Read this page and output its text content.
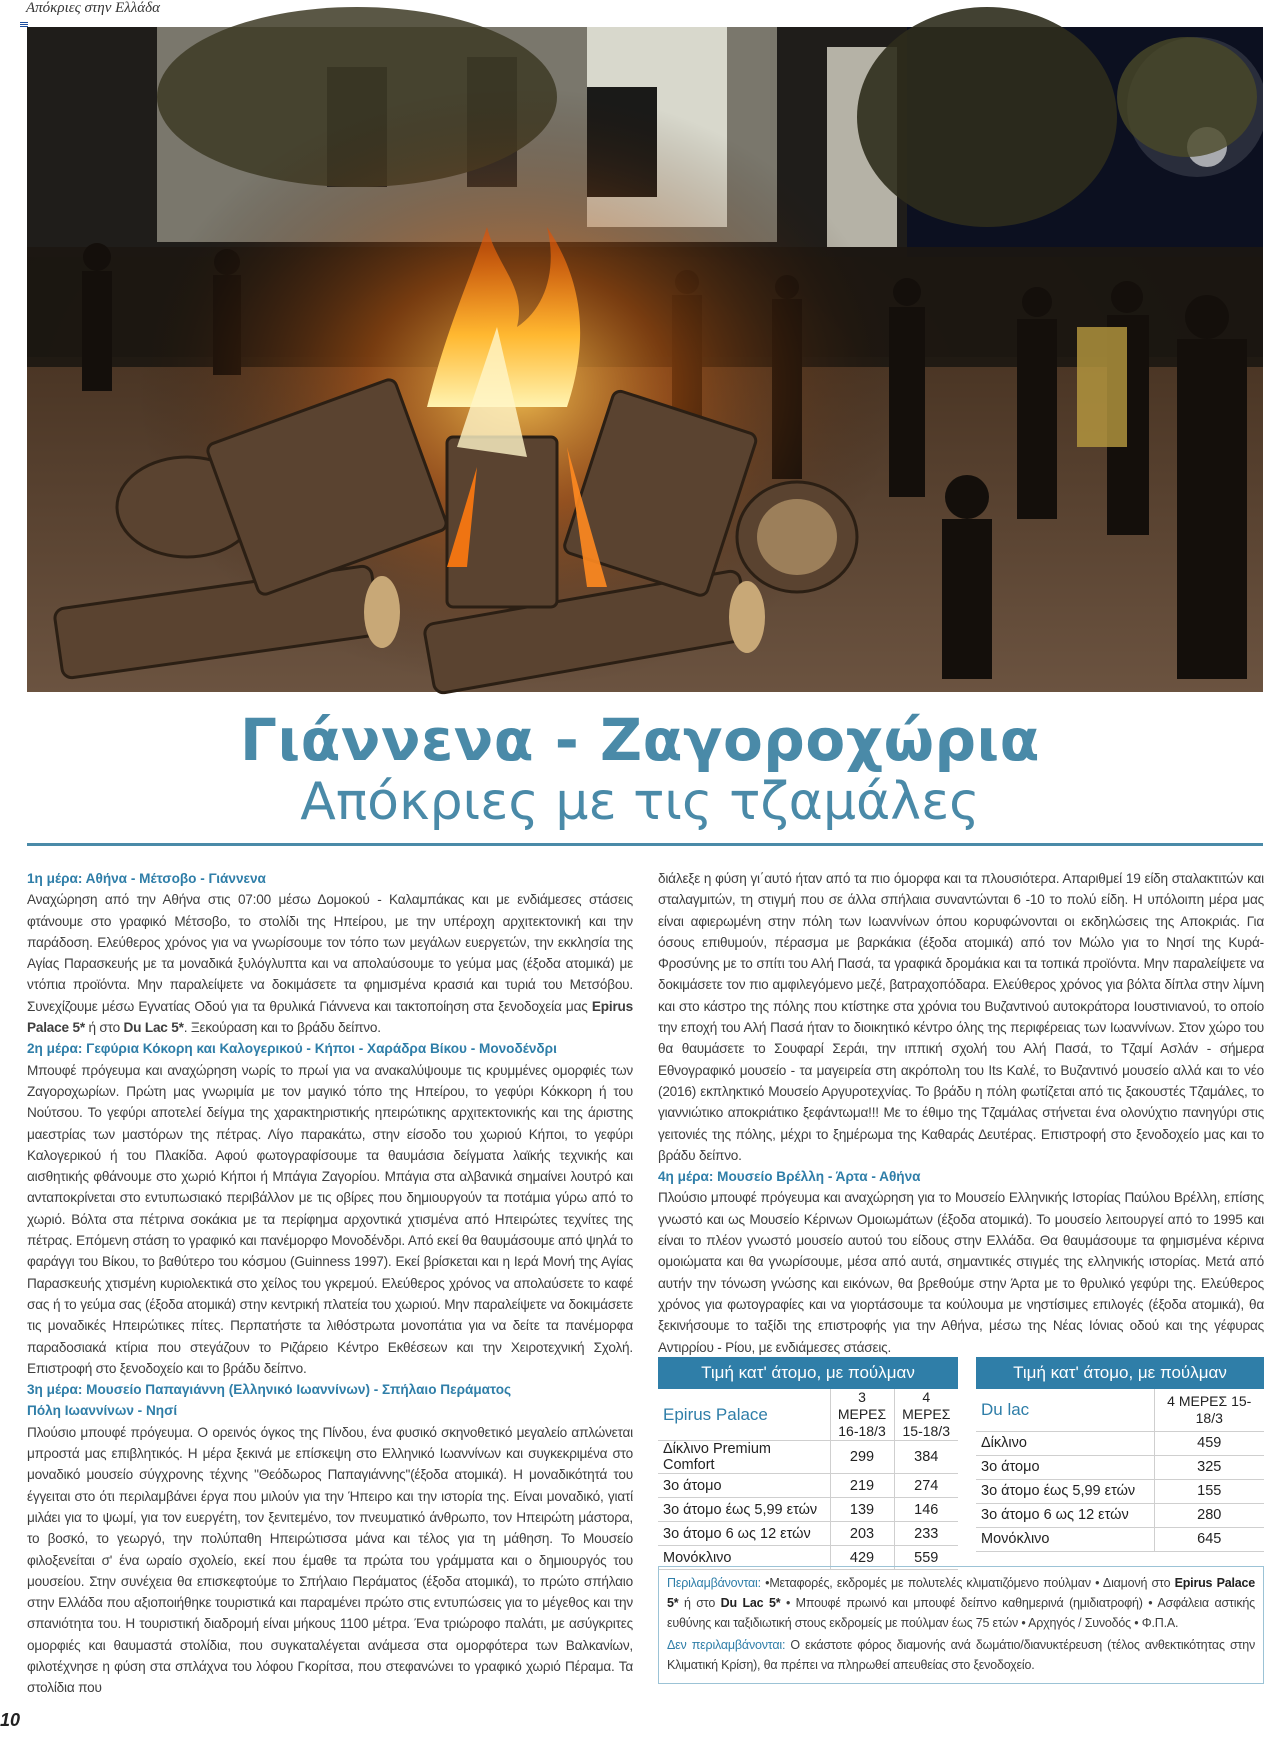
Απόκριες στην Ελλάδα
Γιάννενα - Ζαγοροχώρια
Απόκριες με τις τζαμάλες

1η μέρα: Αθήνα - Μέτσοβο - Γιάννενα
Αναχώρηση από την Αθήνα στις 07:00 μέσω Δομοκού - Καλαμπάκας και με ενδιάμεσες στάσεις φτάνουμε στο γραφικό Μέτσοβο, το στολίδι της Ηπείρου, με την υπέροχη αρχιτεκτονική και την παράδοση. Ελεύθερος χρόνος για να γνωρίσουμε τον τόπο των μεγάλων ευεργετών, την εκκλησία της Αγίας Παρασκευής με τα μοναδικά ξυλόγλυπτα και να απολαύσουμε το γεύμα μας (έξοδα ατομικά) με ντόπια προϊόντα. Μην παραλείψετε να δοκιμάσετε τα φημισμένα κρασιά και τυριά του Μετσόβου. Συνεχίζουμε μέσω Εγνατίας Οδού για τα θρυλικά Γιάννενα και τακτοποίηση στα ξενοδοχεία μας Epirus Palace 5* ή στο Du Lac 5*. Ξεκούραση και το βράδυ δείπνο.

2η μέρα: Γεφύρια Κόκορη και Καλογερικού - Κήποι - Χαράδρα Βίκου - Μονοδένδρι
Μπουφέ πρόγευμα και αναχώρηση νωρίς το πρωί για να ανακαλύψουμε τις κρυμμένες ομορφιές των Ζαγοροχωρίων. Πρώτη μας γνωριμία με τον μαγικό τόπο της Ηπείρου, το γεφύρι Κόκκορη ή του Νούτσου. Το γεφύρι αποτελεί δείγμα της χαρακτηριστικής ηπειρώτικης αρχιτεκτονικής και της άριστης μαεστρίας των μαστόρων της πέτρας. Λίγο παρακάτω, στην είσοδο του χωριού Κήποι, το γεφύρι Καλογερικού ή του Πλακίδα. Αφού φωτογραφίσουμε τα θαυμάσια δείγματα λαϊκής τεχνικής και αισθητικής φθάνουμε στο χωριό Κήποι ή Μπάγια Ζαγορίου. Μπάγια στα αλβανικά σημαίνει λουτρό και ανταποκρίνεται στο εντυπωσιακό περιβάλλον με τις οβίρες που δημιουργούν τα ποτάμια γύρω από το χωριό. Βόλτα στα πέτρινα σοκάκια με τα περίφημα αρχοντικά χτισμένα από Ηπειρώτες τεχνίτες της πέτρας. Επόμενη στάση το γραφικό και πανέμορφο Μονοδένδρι. Από εκεί θα θαυμάσουμε από ψηλά το φαράγγι του Βίκου, το βαθύτερο του κόσμου (Guinness 1997). Εκεί βρίσκεται και η Ιερά Μονή της Αγίας Παρασκευής χτισμένη κυριολεκτικά στο χείλος του γκρεμού. Ελεύθερος χρόνος να απολαύσετε το καφέ σας ή το γεύμα σας (έξοδα ατομικά) στην κεντρική πλατεία του χωριού. Μην παραλείψετε να δοκιμάσετε τις μοναδικές Ηπειρώτικες πίτες. Περπατήστε τα λιθόστρωτα μονοπάτια για να δείτε τα πανέμορφα παραδοσιακά κτίρια που στεγάζουν το Ριζάρειο Κέντρο Εκθέσεων και την Χειροτεχνική Σχολή. Επιστροφή στο ξενοδοχείο και το βράδυ δείπνο.

3η μέρα: Μουσείο Παπαγιάννη (Ελληνικό Ιωαννίνων) - Σπήλαιο Περάματος
Πόλη Ιωαννίνων - Νησί
Πλούσιο μπουφέ πρόγευμα. Ο ορεινός όγκος της Πίνδου, ένα φυσικό σκηνοθετικό μεγαλείο απλώνεται μπροστά μας επιβλητικός. Η μέρα ξεκινά με επίσκεψη στο Ελληνικό Ιωαννίνων και συγκεκριμένα στο μοναδικό μουσείο σύγχρονης τέχνης "Θεόδωρος Παπαγιάννης"(έξοδα ατομικά). Η μοναδικότητά του έγγειται στο ότι περιλαμβάνει έργα που μιλούν για την Ήπειρο και την ιστορία της. Είναι μοναδικό, γιατί μιλάει για το ψωμί, για τον ευεργέτη, τον ξενιτεμένο, τον πνευματικό άνθρωπο, τον Ηπειρώτη μάστορα, το βοσκό, το γεωργό, την πολύπαθη Ηπειρώτισσα μάνα και τέλος για τη μάθηση. Το Μουσείο φιλοξενείται σ' ένα ωραίο σχολείο, εκεί που έμαθε τα πρώτα του γράμματα και ο δημιουργός του μουσείου. Στην συνέχεια θα επισκεφτούμε το Σπήλαιο Περάματος (έξοδα ατομικά), το πρώτο σπήλαιο στην Ελλάδα που αξιοποιήθηκε τουριστικά και παραμένει πρώτο στις εντυπώσεις για το μέγεθος και την σπανιότητα του. Η τουριστική διαδρομή είναι μήκους 1100 μέτρα. Ένα τριώροφο παλάτι, με ασύγκριτες ομορφιές και θαυμαστά στολίδια, που συγκαταλέγεται ανάμεσα στα ομορφότερα των Βαλκανίων, φιλοτέχνησε η φύση στα σπλάχνα του λόφου Γκορίτσα, που στεφανώνει το γραφικό χωριό Πέραμα. Τα στολίδια που

διάλεξε η φύση γι΄αυτό ήταν από τα πιο όμορφα και τα πλουσιότερα. Απαριθμεί 19 είδη σταλακτιτών και σταλαγμιτών, τη στιγμή που σε άλλα σπήλαια συναντώνται 6 -10 το πολύ είδη. Η υπόλοιπη μέρα μας είναι αφιερωμένη στην πόλη των Ιωαννίνων όπου κορυφώνονται οι εκδηλώσεις της Αποκριάς. Για όσους επιθυμούν, πέρασμα με βαρκάκια (έξοδα ατομικά) από τον Μώλο για το Νησί της Κυρά-Φροσύνης με το σπίτι του Αλή Πασά, τα γραφικά δρομάκια και τα τοπικά προϊόντα. Μην παραλείψετε να δοκιμάσετε τον πιο αμφιλεγόμενο μεζέ, βατραχοπόδαρα. Ελεύθερος χρόνος για βόλτα δίπλα στην λίμνη και στο κάστρο της πόλης που κτίστηκε στα χρόνια του Βυζαντινού αυτοκράτορα Ιουστινιανού, το οποίο την εποχή του Αλή Πασά ήταν το διοικητικό κέντρο όλης της περιφέρειας των Ιωαννίνων. Στον χώρο του θα θαυμάσετε το Σουφαρί Σεράι, την ιππική σχολή του Αλή Πασά, το Τζαμί Ασλάν - σήμερα Εθνογραφικό μουσείο - τα μαγειρεία στη ακρόπολη του Its Καλέ, το Βυζαντινό μουσείο αλλά και το νέο (2016) εκπληκτικό Μουσείο Αργυροτεχνίας. Το βράδυ η πόλη φωτίζεται από τις ξακουστές Τζαμάλες, το γιαννιώτικο αποκριάτικο ξεφάντωμα!!! Με το έθιμο της Τζαμάλας στήνεται ένα ολονύχτιο πανηγύρι στις γειτονιές της πόλης, μέχρι το ξημέρωμα της Καθαράς Δευτέρας. Επιστροφή στο ξενοδοχείο μας και το βράδυ δείπνο.

4η μέρα: Μουσείο Βρέλλη - Άρτα - Αθήνα
Πλούσιο μπουφέ πρόγευμα και αναχώρηση για το Μουσείο Ελληνικής Ιστορίας Παύλου Βρέλλη, επίσης γνωστό και ως Μουσείο Κέρινων Ομοιωμάτων (έξοδα ατομικά). Το μουσείο λειτουργεί από το 1995 και είναι το πλέον γνωστό μουσείο αυτού του είδους στην Ελλάδα. Θα θαυμάσουμε τα φημισμένα κέρινα ομοιώματα και θα γνωρίσουμε, μέσα από αυτά, σημαντικές στιγμές της ελληνικής ιστορίας. Μετά από αυτήν την τόνωση γνώσης και εικόνων, θα βρεθούμε στην Άρτα με το θρυλικό γεφύρι της. Ελεύθερος χρόνος για φωτογραφίες και να γιορτάσουμε τα κούλουμα με νηστίσιμες επιλογές (έξοδα ατομικά), θα ξεκινήσουμε το ταξίδι της επιστροφής για την Αθήνα, μέσω της Νέας Ιόνιας οδού και της γέφυρας Αντιρρίου - Ρίου, με ενδιάμεσες στάσεις.

Τιμή κατ' άτομο, με πούλμαν		
Epirus Palace	3 ΜΕΡΕΣ 16-18/3	4 ΜΕΡΕΣ 15-18/3
Δίκλινο Premium Comfort	299	384
3ο άτομο	219	274
3ο άτομο έως 5,99 ετών	139	146
3ο άτομο 6 ως 12 ετών	203	233
Μονόκλινο	429	559
Τιμή κατ' άτομο, με πούλμαν	
Du lac	4 ΜΕΡΕΣ 15-18/3
Δίκλινο	459
3ο άτομο	325
3ο άτομο έως 5,99 ετών	155
3ο άτομο 6 ως 12 ετών	280
Μονόκλινο	645

Περιλαμβάνονται: •Μεταφορές, εκδρομές με πολυτελές κλιματιζόμενο πούλμαν • Διαμονή στο Epirus Palace 5* ή στο Du Lac 5* • Μπουφέ πρωινό και μπουφέ δείπνο καθημερινά (ημιδιατροφή) • Ασφάλεια αστικής ευθύνης και ταξιδιωτική στους εκδρομείς με πούλμαν έως 75 ετών • Αρχηγός / Συνοδός • Φ.Π.Α.

Δεν περιλαμβάνονται: Ο εκάστοτε φόρος διαμονής ανά δωμάτιο/διανυκτέρευση (τέλος ανθεκτικότητας στην Κλιματική Κρίση), θα πρέπει να πληρωθεί απευθείας στο ξενοδοχείο.

10
